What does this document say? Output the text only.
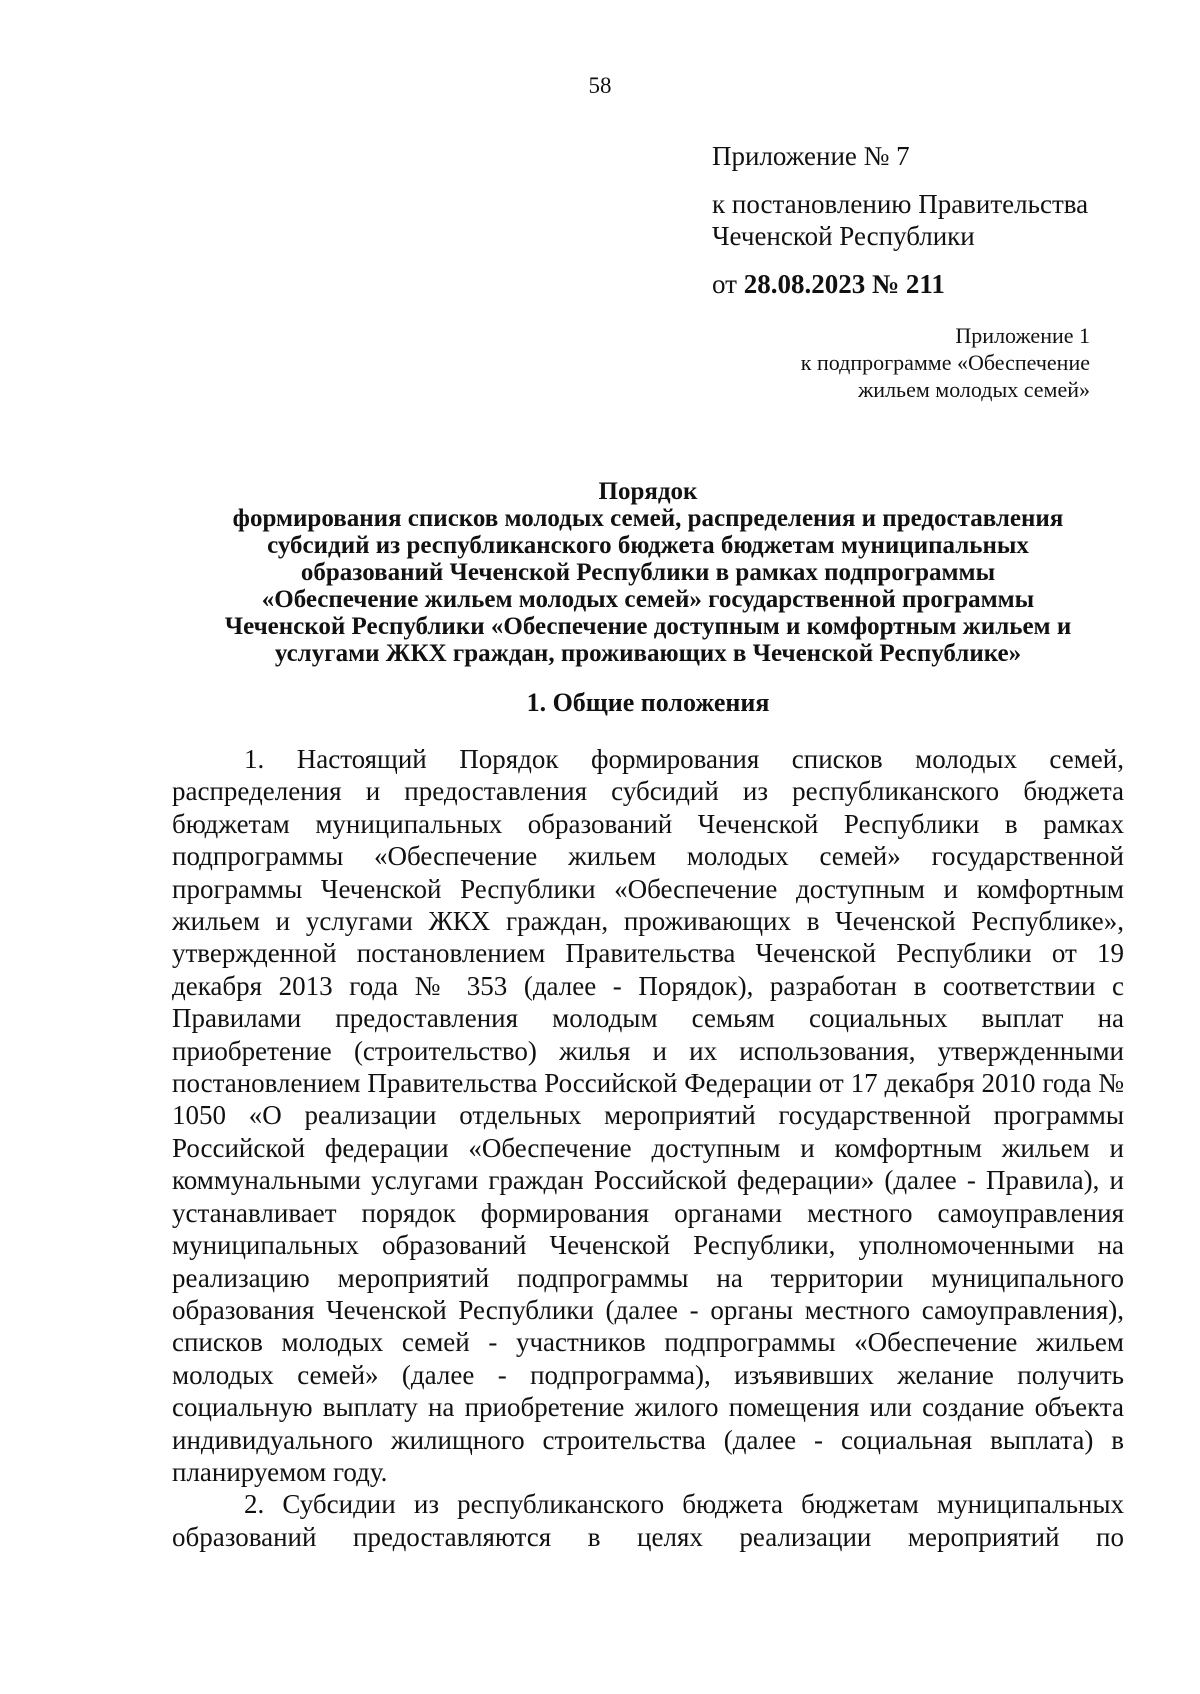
58
Приложение № 7
к постановлению Правительства
Чеченской Республики
от 28.08.2023 № 211
Приложение 1
к подпрограмме «Обеспечение
жильем молодых семей»
Порядок
формирования списков молодых семей, распределения и предоставления
субсидий из республиканского бюджета бюджетам муниципальных
образований Чеченской Республики в рамках подпрограммы
«Обеспечение жильем молодых семей» государственной программы
Чеченской Республики «Обеспечение доступным и комфортным жильем и
услугами ЖКХ граждан, проживающих в Чеченской Республике»
1. Общие положения

1. Настоящий Порядок формирования списков молодых семей, распределения и предоставления субсидий из республиканского бюджета бюджетам муниципальных образований Чеченской Республики в рамках подпрограммы «Обеспечение жильем молодых семей» государственной программы Чеченской Республики «Обеспечение доступным и комфортным жильем и услугами ЖКХ граждан, проживающих в Чеченской Республике», утвержденной постановлением Правительства Чеченской Республики от 19 декабря 2013 года № 353 (далее - Порядок), разработан в соответствии с Правилами предоставления молодым семьям социальных выплат на приобретение (строительство) жилья и их использования, утвержденными постановлением Правительства Российской Федерации от 17 декабря 2010 года № 1050 «О реализации отдельных мероприятий государственной программы Российской федерации «Обеспечение доступным и комфортным жильем и коммунальными услугами граждан Российской федерации» (далее - Правила), и устанавливает порядок формирования органами местного самоуправления муниципальных образований Чеченской Республики, уполномоченными на реализацию мероприятий подпрограммы на территории муниципального образования Чеченской Республики (далее - органы местного самоуправления), списков молодых семей - участников подпрограммы «Обеспечение жильем молодых семей» (далее - подпрограмма), изъявивших желание получить социальную выплату на приобретение жилого помещения или создание объекта индивидуального жилищного строительства (далее - социальная выплата) в планируемом году.

2. Субсидии из республиканского бюджета бюджетам муниципальных образований предоставляются в целях реализации мероприятий по
